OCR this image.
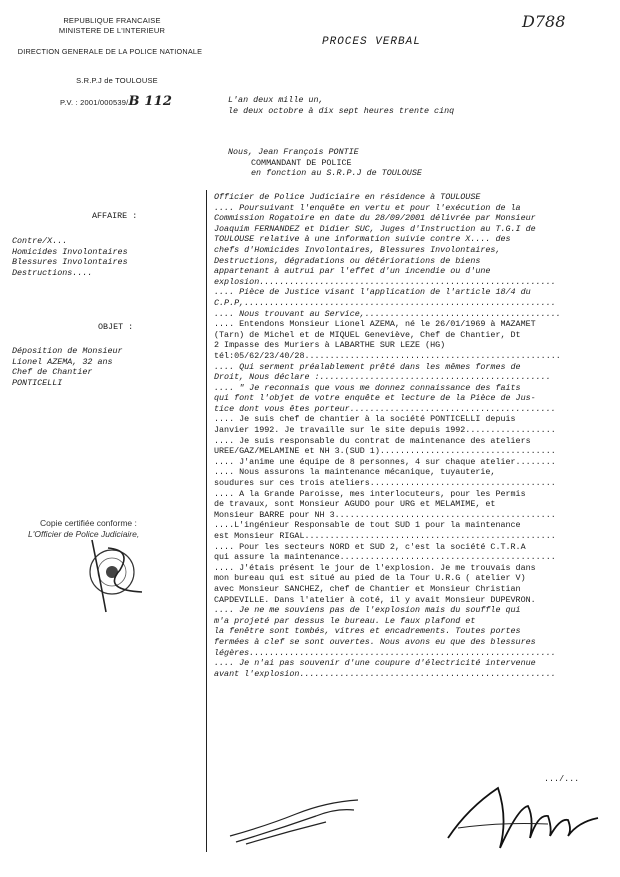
REPUBLIQUE FRANCAISE
MINISTERE DE L'INTERIEUR
DIRECTION GENERALE DE LA POLICE NATIONALE
S.R.P.J de TOULOUSE
P.V. : 2001/000539/B 112
PROCES VERBAL
D788
L'an deux mille un,
le deux octobre à dix sept heures trente cinq
Nous, Jean François PONTIE
COMMANDANT DE POLICE
en fonction au S.R.P.J de TOULOUSE
AFFAIRE :
Contre/X...
Homicides Involontaires
Blessures Involontaires
Destructions....
OBJET :
Déposition de Monsieur
Lionel AZEMA, 32 ans
Chef de Chantier
PONTICELLI
Copie certifiée conforme :
L'Officier de Police Judiciaire,
Officier de Police Judiciaire en résidence à TOULOUSE
.... Poursuivant l'enquête en vertu et pour l'exécution de la
Commission Rogatoire en date du 28/09/2001 délivrée par Monsieur
Joaquim FERNANDEZ et Didier SUC, Juges d'Instruction au T.G.I de
TOULOUSE relative à une information suivie contre X.... des
chefs d'Homicides Involontaires, Blessures Involontaires,
Destructions, dégradations ou détériorations de biens
appartenant à autrui par l'effet d'un incendie ou d'une
explosion...........................................................
.... Pièce de Justice visant l'application de l'article 18/4 du
C.P.P,..............................................................
.... Nous trouvant au Service,.......................................
.... Entendons Monsieur Lionel AZEMA, né le 26/01/1969 à MAZAMET
(Tarn) de Michel et de MIQUEL Geneviève, Chef de Chantier, Dt
2 Impasse des Muriers à LABARTHE SUR LEZE (HG)
tél:05/62/23/40/28...................................................
.... Qui serment préalablement prêté dans les mêmes formes de
Droit, Nous déclare :..............................................
.... " Je reconnais que vous me donnez connaissance des faits
qui font l'objet de votre enquête et lecture de la Pièce de Jus-
tice dont vous êtes porteur.........................................
.... Je suis chef de chantier à la société PONTICELLI depuis
Janvier 1992. Je travaille sur le site depuis 1992..................
.... Je suis responsable du contrat de maintenance des ateliers
UREE/GAZ/MELAMINE et NH 3.(SUD 1)...................................
.... J'anime une équipe de 8 personnes, 4 sur chaque atelier........
.... Nous assurons la maintenance mécanique, tuyauterie,
soudures sur ces trois ateliers.....................................
.... A la Grande Paroisse, mes interlocuteurs, pour les Permis
de travaux, sont Monsieur AGUDO pour URG et MELAMIME, et
Monsieur BARRE pour NH 3............................................
....L'ingénieur Responsable de tout SUD 1 pour la maintenance
est Monsieur RIGAL..................................................
.... Pour les secteurs NORD et SUD 2, c'est la société C.T.R.A
qui assure la maintenance...........................................
.... J'étais présent le jour de l'explosion. Je me trouvais dans
mon bureau qui est situé au pied de la Tour U.R.G ( atelier V)
avec Monsieur SANCHEZ, chef de Chantier et Monsieur Christian
CAPDEVILLE. Dans l'atelier à coté, il y avait Monsieur DUPEVRON.
.... Je ne me souviens pas de l'explosion mais du souffle qui
m'a projeté par dessus le bureau. Le faux plafond et
la fenêtre sont tombés, vitres et encadrements. Toutes portes
fermées à clef se sont ouvertes. Nous avons eu que des blessures
légères.............................................................
.... Je n'ai pas souvenir d'une coupure d'électricité intervenue
avant l'explosion...................................................
.../...
